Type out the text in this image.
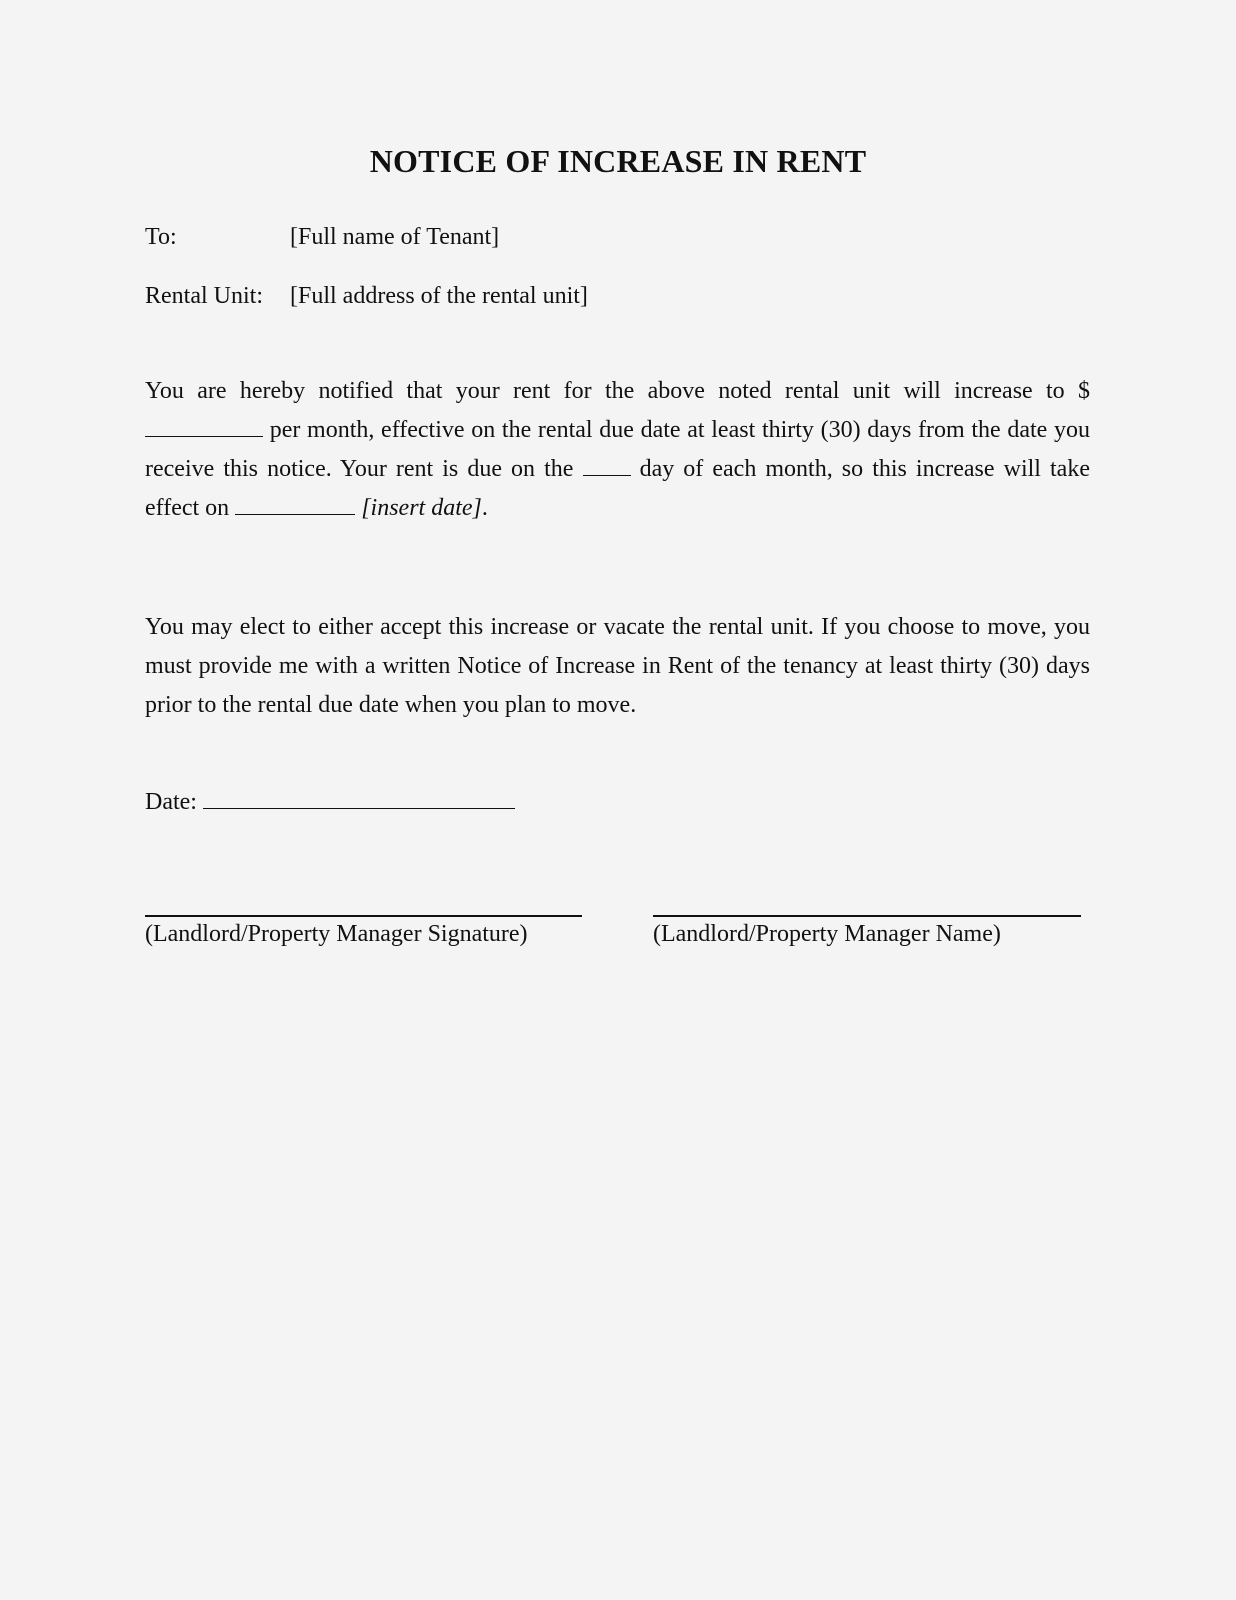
NOTICE OF INCREASE IN RENT
To:	[Full name of Tenant]
Rental Unit: [Full address of the rental unit]
You are hereby notified that your rent for the above noted rental unit will increase to $ per month, effective on the rental due date at least thirty (30) days from the date you receive this notice. Your rent is due on the  day of each month, so this increase will take effect on	[insert date].
You may elect to either accept this increase or vacate the rental unit. If you choose to move, you must provide me with a written Notice of Increase in Rent of the tenancy at least thirty (30) days prior to the rental due date when you plan to move.
Date:
(Landlord/Property Manager Signature)	(Landlord/Property Manager Name)
